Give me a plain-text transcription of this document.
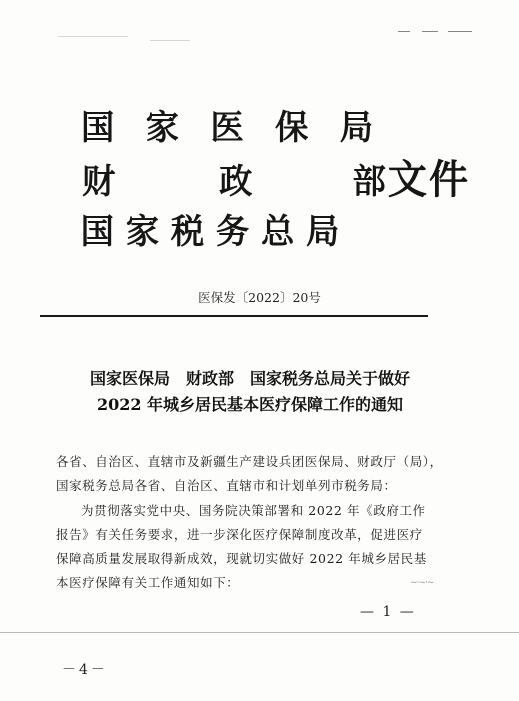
国 家 医 保 局
财	政	部文件
国 家 税 务 总 局
医保发〔2022〕20号
国家医保局　财政部　国家税务总局关于做好
2022 年城乡居民基本医疗保障工作的通知
各省、自治区、直辖市及新疆生产建设兵团医保局、财政厅（局），
国家税务总局各省、自治区、直辖市和计划单列市税务局：
为贯彻落实党中央、国务院决策部署和 2022 年《政府工作
报告》有关任务要求，进一步深化医疗保障制度改革，促进医疗
保障高质量发展取得新成效，现就切实做好 2022 年城乡居民基
本医疗保障有关工作通知如下：	~·~·~
— 1 —
－4－
